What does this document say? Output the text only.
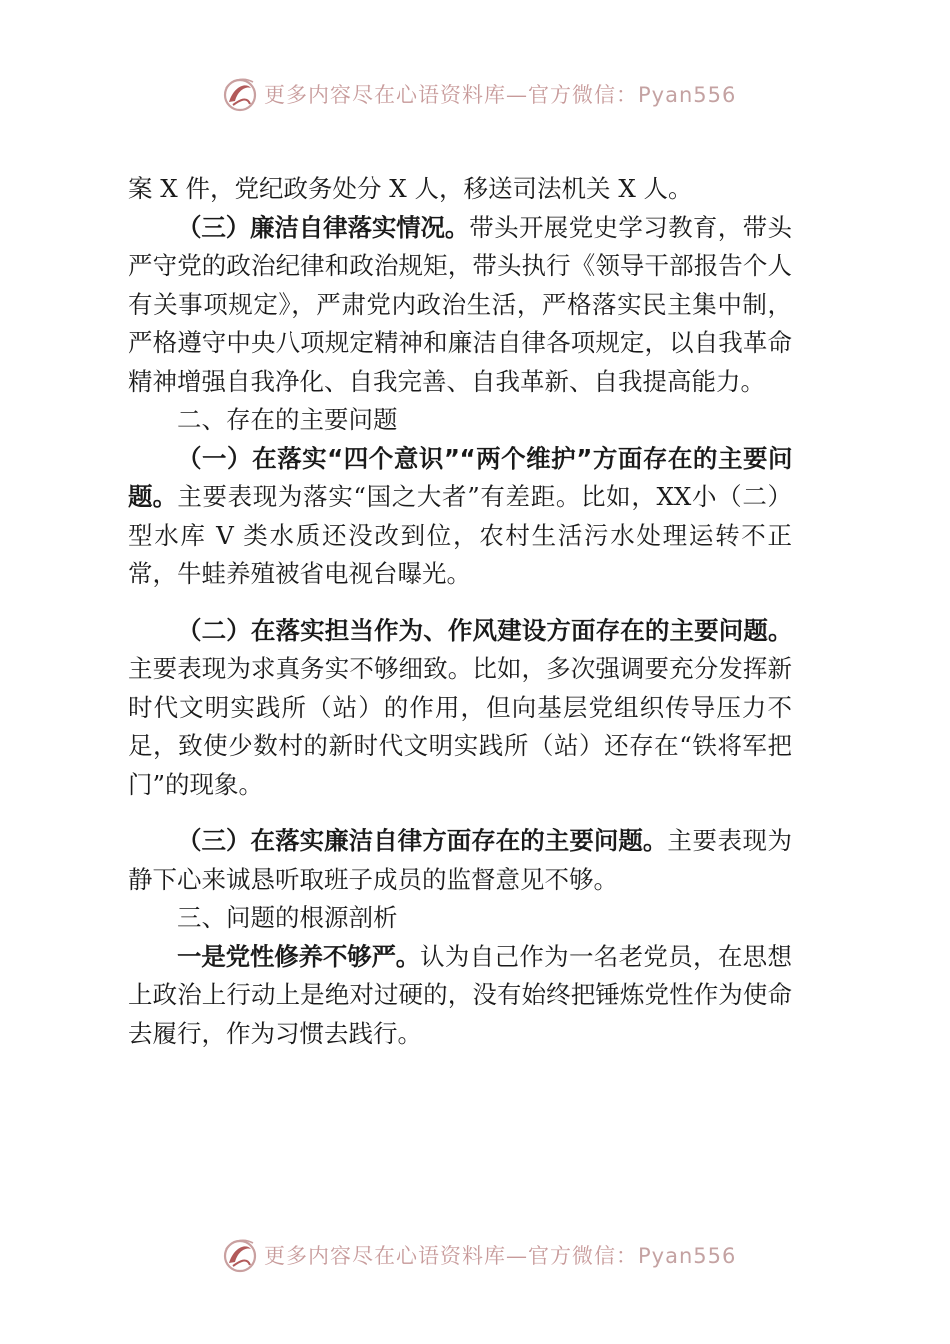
更多内容尽在心语资料库—官方微信：Pyan556

案 X 件，党纪政务处分 X 人，移送司法机关 X 人。

（三）廉洁自律落实情况。带头开展党史学习教育，带头严守党的政治纪律和政治规矩，带头执行《领导干部报告个人有关事项规定》，严肃党内政治生活，严格落实民主集中制，严格遵守中央八项规定精神和廉洁自律各项规定，以自我革命精神增强自我净化、自我完善、自我革新、自我提高能力。

二、存在的主要问题

（一）在落实“四个意识”“两个维护”方面存在的主要问题。主要表现为落实“国之大者”有差距。比如，XX小（二）型水库 V 类水质还没改到位，农村生活污水处理运转不正常，牛蛙养殖被省电视台曝光。

（二）在落实担当作为、作风建设方面存在的主要问题。主要表现为求真务实不够细致。比如，多次强调要充分发挥新时代文明实践所（站）的作用，但向基层党组织传导压力不足，致使少数村的新时代文明实践所（站）还存在“铁将军把门”的现象。

（三）在落实廉洁自律方面存在的主要问题。主要表现为静下心来诚恳听取班子成员的监督意见不够。

三、问题的根源剖析

一是党性修养不够严。认为自己作为一名老党员，在思想上政治上行动上是绝对过硬的，没有始终把锤炼党性作为使命去履行，作为习惯去践行。

更多内容尽在心语资料库—官方微信：Pyan556
